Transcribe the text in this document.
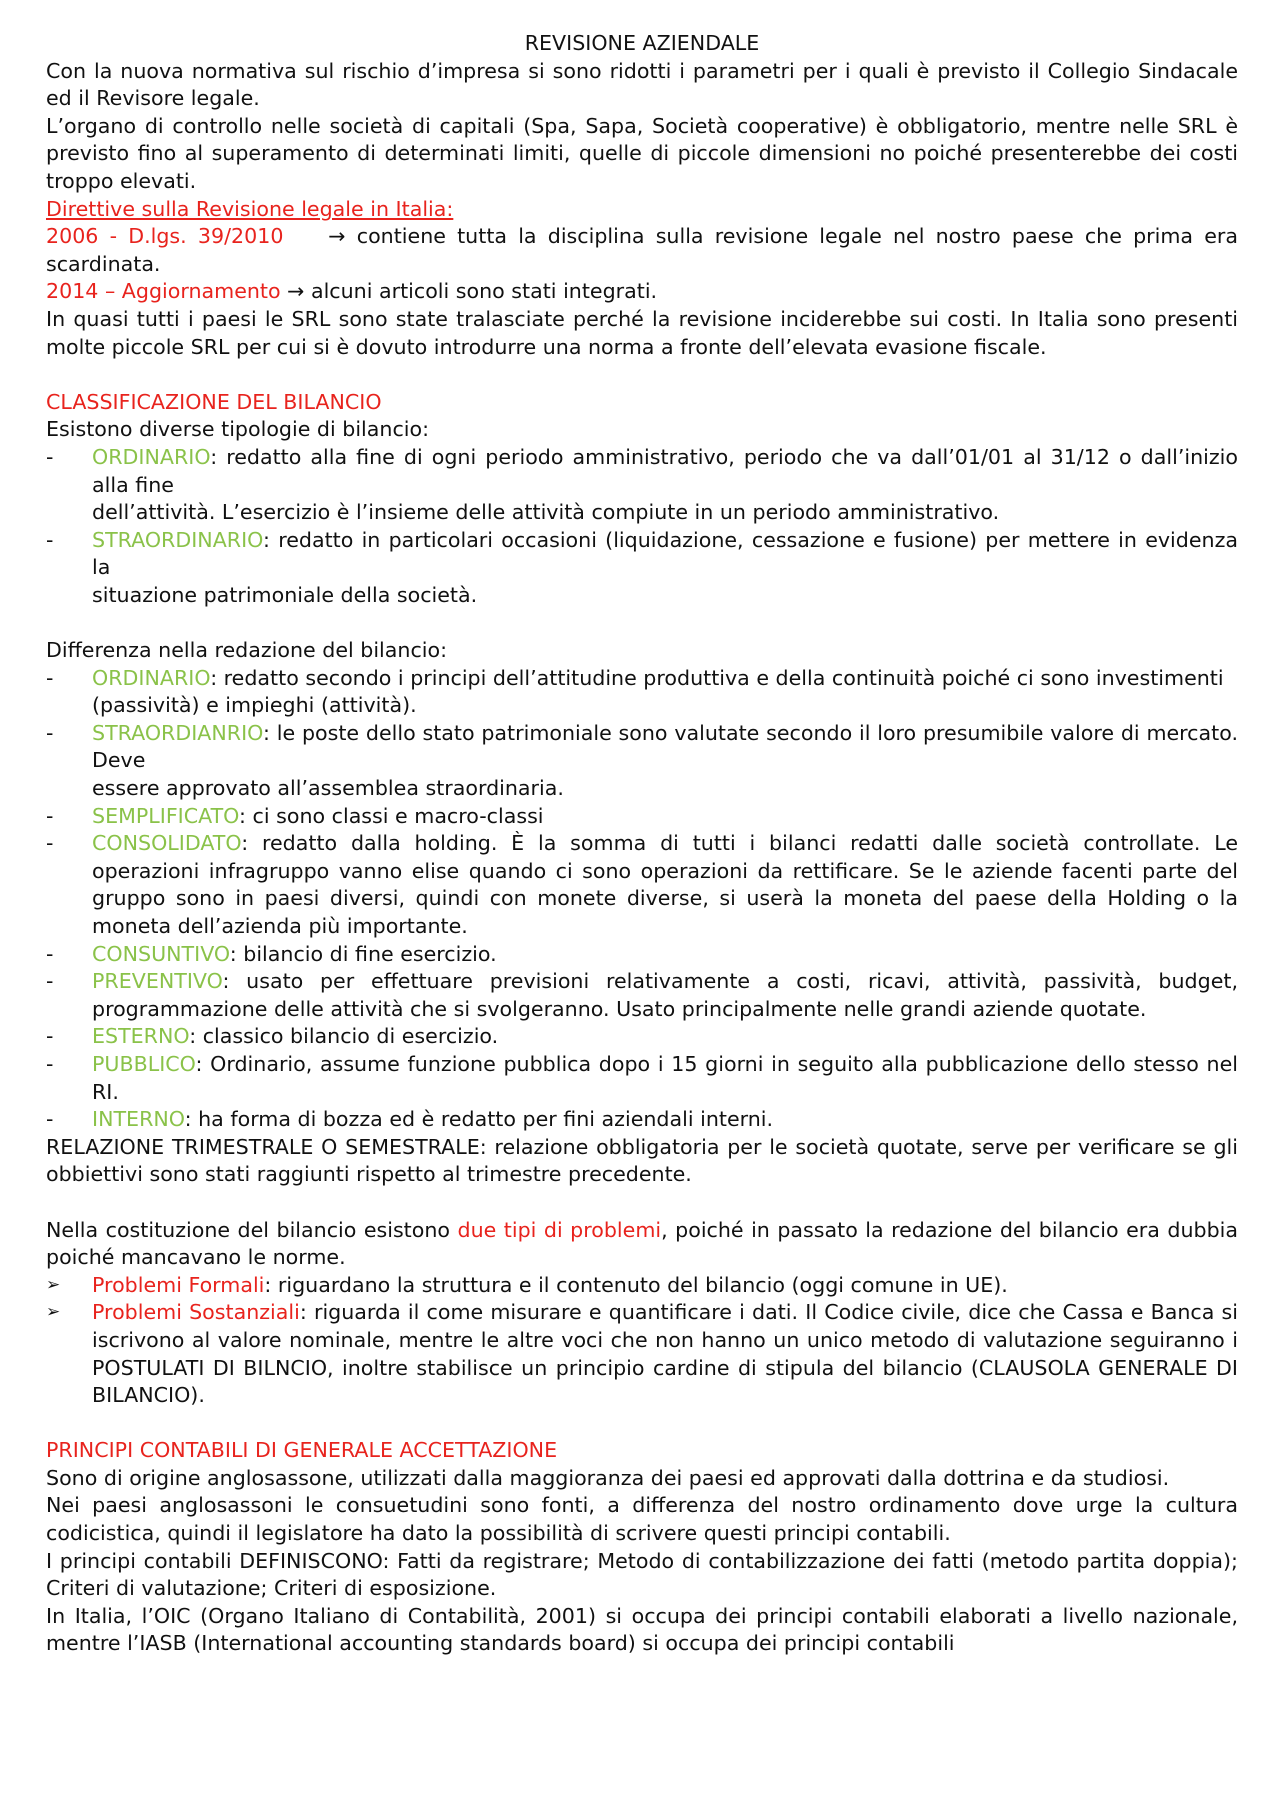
REVISIONE AZIENDALE
Con la nuova normativa sul rischio d’impresa si sono ridotti i parametri per i quali è previsto il Collegio Sindacale ed il Revisore legale.
L’organo di controllo nelle società di capitali (Spa, Sapa, Società cooperative) è obbligatorio, mentre nelle SRL è previsto fino al superamento di determinati limiti, quelle di piccole dimensioni no poiché presenterebbe dei costi troppo elevati.
Direttive sulla Revisione legale in Italia:
2006 - D.lgs. 39/2010 → contiene tutta la disciplina sulla revisione legale nel nostro paese che prima era scardinata.
2014 – Aggiornamento → alcuni articoli sono stati integrati.
In quasi tutti i paesi le SRL sono state tralasciate perché la revisione inciderebbe sui costi. In Italia sono presenti molte piccole SRL per cui si è dovuto introdurre una norma a fronte dell’elevata evasione fiscale.
CLASSIFICAZIONE DEL BILANCIO
Esistono diverse tipologie di bilancio:
-	ORDINARIO: redatto alla fine di ogni periodo amministrativo, periodo che va dall’01/01 al 31/12 o dall’inizio alla fine
dell’attività. L’esercizio è l’insieme delle attività compiute in un periodo amministrativo.
-	STRAORDINARIO: redatto in particolari occasioni (liquidazione, cessazione e fusione) per mettere in evidenza la
situazione patrimoniale della società.
Differenza nella redazione del bilancio:
-	ORDINARIO: redatto secondo i principi dell’attitudine produttiva e della continuità poiché ci sono investimenti
(passività) e impieghi (attività).
-	STRAORDIANRIO: le poste dello stato patrimoniale sono valutate secondo il loro presumibile valore di mercato. Deve
essere approvato all’assemblea straordinaria.
-	SEMPLIFICATO: ci sono classi e macro-classi
-	CONSOLIDATO: redatto dalla holding. È la somma di tutti i bilanci redatti dalle società controllate. Le operazioni infragruppo vanno elise quando ci sono operazioni da rettificare. Se le aziende facenti parte del gruppo sono in paesi diversi, quindi con monete diverse, si userà la moneta del paese della Holding o la moneta dell’azienda più importante.
-	CONSUNTIVO: bilancio di fine esercizio.
-	PREVENTIVO: usato per effettuare previsioni relativamente a costi, ricavi, attività, passività, budget, programmazione delle attività che si svolgeranno. Usato principalmente nelle grandi aziende quotate.
-	ESTERNO: classico bilancio di esercizio.
-	PUBBLICO: Ordinario, assume funzione pubblica dopo i 15 giorni in seguito alla pubblicazione dello stesso nel RI.
-	INTERNO: ha forma di bozza ed è redatto per fini aziendali interni.
RELAZIONE TRIMESTRALE O SEMESTRALE: relazione obbligatoria per le società quotate, serve per verificare se gli obbiettivi sono stati raggiunti rispetto al trimestre precedente.
Nella costituzione del bilancio esistono due tipi di problemi, poiché in passato la redazione del bilancio era dubbia poiché mancavano le norme.
➢	Problemi Formali: riguardano la struttura e il contenuto del bilancio (oggi comune in UE).
➢	Problemi Sostanziali: riguarda il come misurare e quantificare i dati. Il Codice civile, dice che Cassa e Banca si iscrivono al valore nominale, mentre le altre voci che non hanno un unico metodo di valutazione seguiranno i POSTULATI DI BILNCIO, inoltre stabilisce un principio cardine di stipula del bilancio (CLAUSOLA GENERALE DI BILANCIO).
PRINCIPI CONTABILI DI GENERALE ACCETTAZIONE
Sono di origine anglosassone, utilizzati dalla maggioranza dei paesi ed approvati dalla dottrina e da studiosi.
Nei paesi anglosassoni le consuetudini sono fonti, a differenza del nostro ordinamento dove urge la cultura codicistica, quindi il legislatore ha dato la possibilità di scrivere questi principi contabili.
I principi contabili DEFINISCONO: Fatti da registrare; Metodo di contabilizzazione dei fatti (metodo partita doppia); Criteri di valutazione; Criteri di esposizione.
In Italia, l’OIC (Organo Italiano di Contabilità, 2001) si occupa dei principi contabili elaborati a livello nazionale, mentre l’IASB (International accounting standards board) si occupa dei principi contabili
